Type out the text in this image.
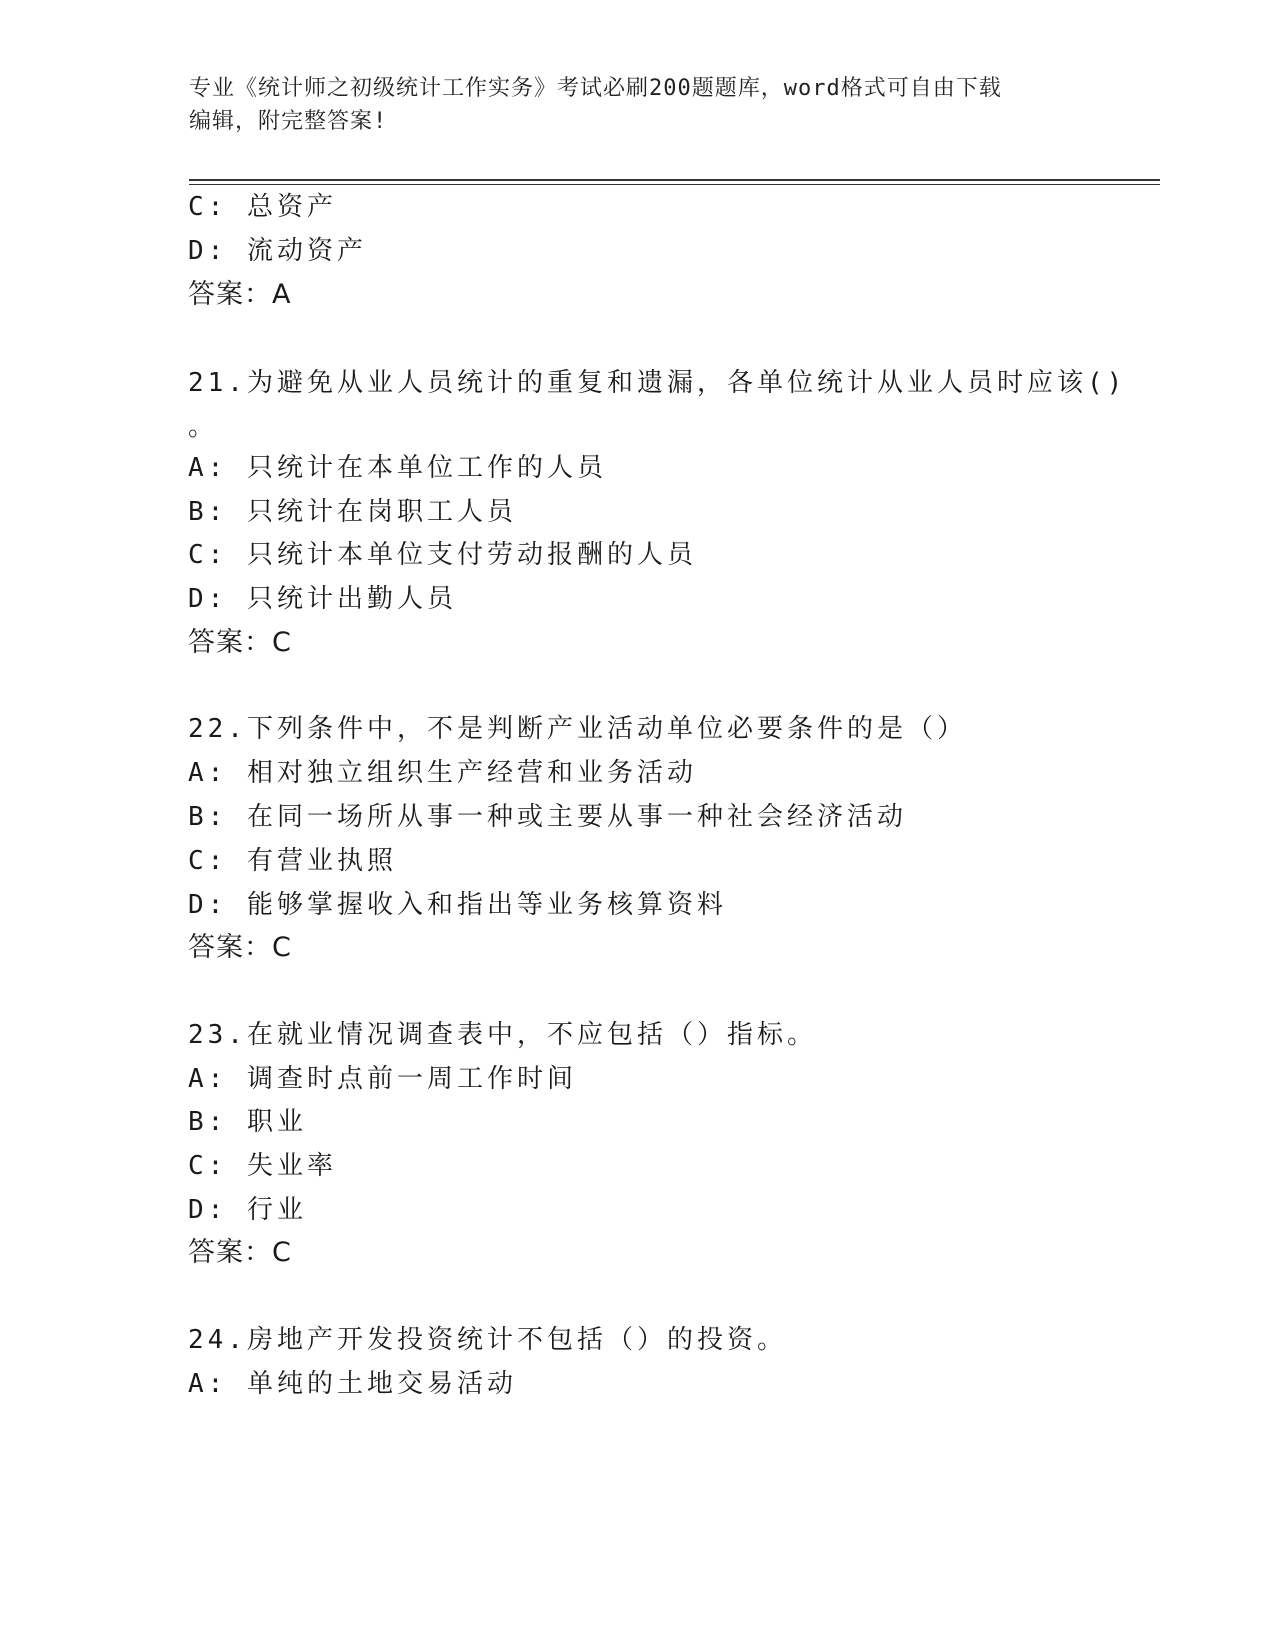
专业《统计师之初级统计工作实务》考试必刷200题题库，word格式可自由下载
编辑，附完整答案!
C: 总资产
D: 流动资产
答案：A
21.为避免从业人员统计的重复和遗漏，各单位统计从业人员时应该()
。
A: 只统计在本单位工作的人员
B: 只统计在岗职工人员
C: 只统计本单位支付劳动报酬的人员
D: 只统计出勤人员
答案：C
22.下列条件中，不是判断产业活动单位必要条件的是（）
A: 相对独立组织生产经营和业务活动
B: 在同一场所从事一种或主要从事一种社会经济活动
C: 有营业执照
D: 能够掌握收入和指出等业务核算资料
答案：C
23.在就业情况调查表中，不应包括（）指标。
A: 调查时点前一周工作时间
B: 职业
C: 失业率
D: 行业
答案：C
24.房地产开发投资统计不包括（）的投资。
A: 单纯的土地交易活动
